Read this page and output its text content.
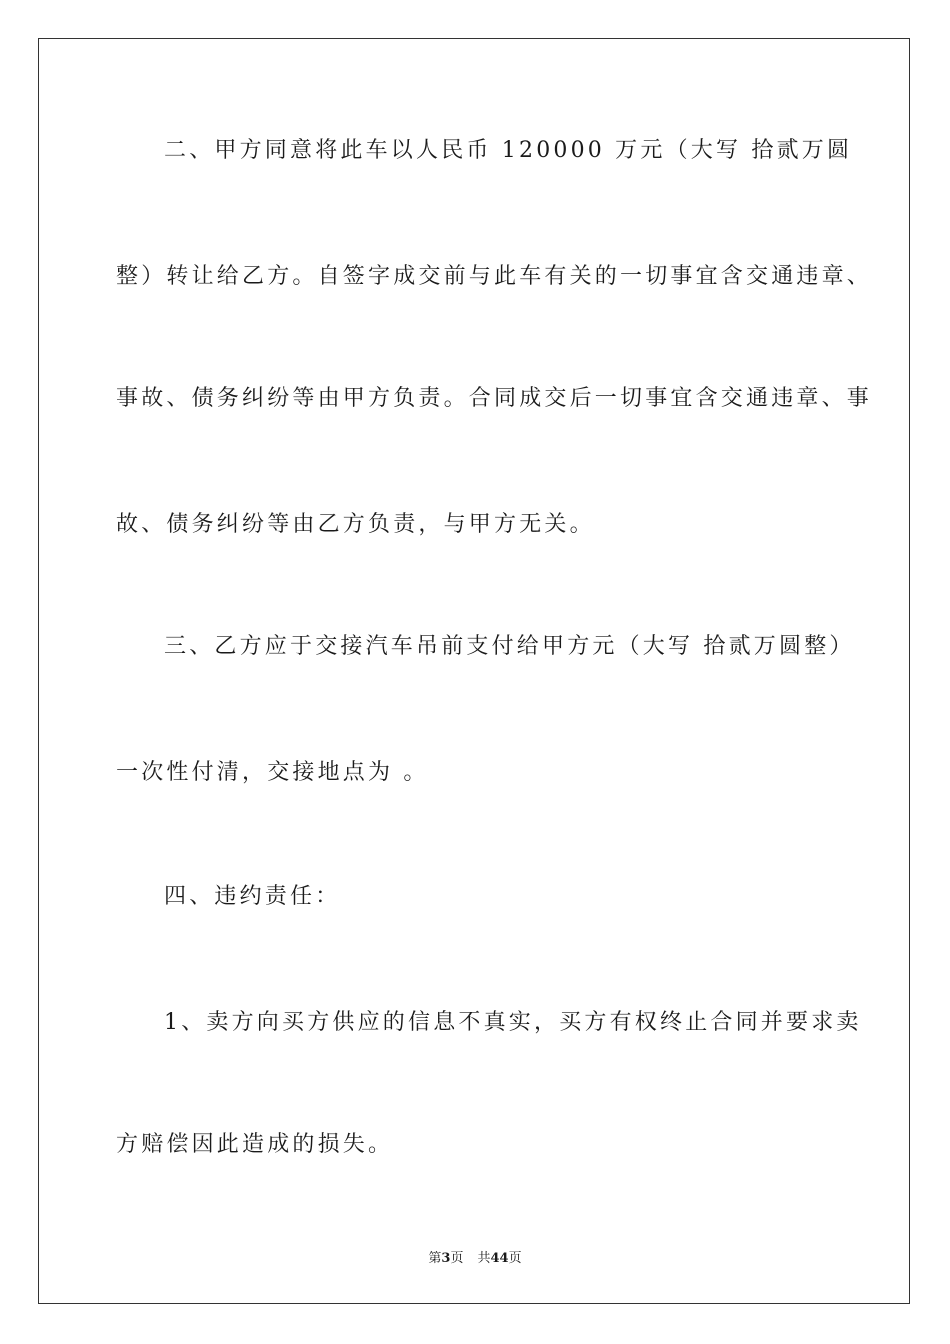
二、甲方同意将此车以人民币 120000 万元（大写 拾贰万圆
整）转让给乙方。自签字成交前与此车有关的一切事宜含交通违章、
事故、债务纠纷等由甲方负责。合同成交后一切事宜含交通违章、事
故、债务纠纷等由乙方负责，与甲方无关。
三、乙方应于交接汽车吊前支付给甲方元（大写 拾贰万圆整）
一次性付清，交接地点为 。
四、违约责任：
1、卖方向买方供应的信息不真实，买方有权终止合同并要求卖
方赔偿因此造成的损失。
第3页 共44页
